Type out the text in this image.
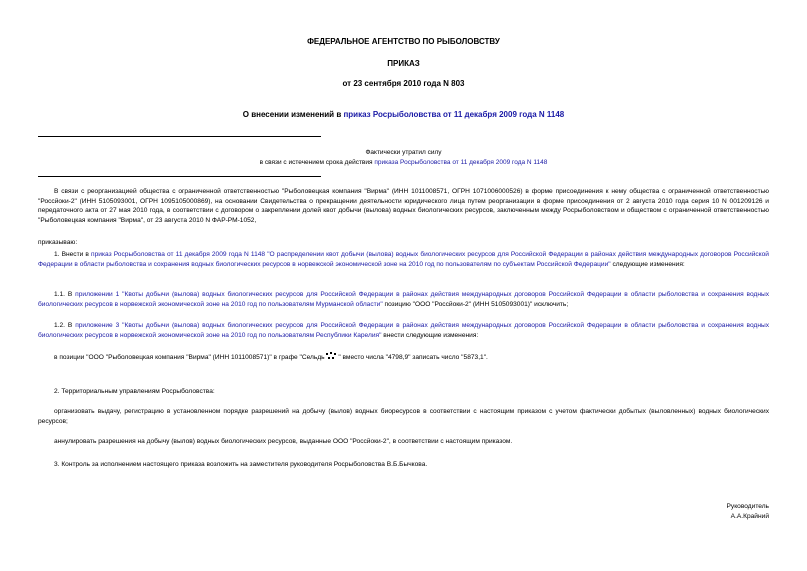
ФЕДЕРАЛЬНОЕ АГЕНТСТВО ПО РЫБОЛОВСТВУ
ПРИКАЗ
от 23 сентября 2010 года N 803
О внесении изменений в приказ Росрыболовства от 11 декабря 2009 года N 1148
Фактически утратил силу
в связи с истечением срока действия приказа Росрыболовства от 11 декабря 2009 года N 1148
В связи с реорганизацией общества с ограниченной ответственностью "Рыболовецкая компания "Вирма" (ИНН 1011008571, ОГРН 1071006000526) в форме присоединения к нему общества с ограниченной ответственностью "Россйоки-2" (ИНН 5105093001, ОГРН 1095105000869), на основании Свидетельства о прекращении деятельности юридического лица путем реорганизации в форме присоединения от 2 августа 2010 года серия 10 N 001209126 и передаточного акта от 27 мая 2010 года, в соответствии с договором о закреплении долей квот добычи (вылова) водных биологических ресурсов, заключенным между Росрыболовством и обществом с ограниченной ответственностью "Рыболовецкая компания "Вирма", от 23 августа 2010 N ФАР-РМ-1052,
приказываю:
1. Внести в приказ Росрыболовства от 11 декабря 2009 года N 1148 "О распределении квот добычи (вылова) водных биологических ресурсов для Российской Федерации в районах действия международных договоров Российской Федерации в области рыболовства и сохранения водных биологических ресурсов в норвежской экономической зоне на 2010 год по пользователям по субъектам Российской Федерации" следующие изменения:
1.1. В приложении 1 "Квоты добычи (вылова) водных биологических ресурсов для Российской Федерации в районах действия международных договоров Российской Федерации в области рыболовства и сохранения водных биологических ресурсов в норвежской экономической зоне на 2010 год по пользователям Мурманской области" позицию "ООО "Россйоки-2" (ИНН 5105093001)" исключить;
1.2. В приложение 3 "Квоты добычи (вылова) водных биологических ресурсов для Российской Федерации в районах действия международных договоров Российской Федерации в области рыболовства и сохранения водных биологических ресурсов в норвежской экономической зоне на 2010 год по пользователям Республики Карелия" внести следующие изменения:
в позиции "ООО "Рыболовецкая компания "Вирма" (ИНН 1011008571)" в графе "Сельдь " вместо числа "4798,9" записать число "5873,1".
2. Территориальным управлениям Росрыболовства:
организовать выдачу, регистрацию в установленном порядке разрешений на добычу (вылов) водных биоресурсов в соответствии с настоящим приказом с учетом фактически добытых (выловленных) водных биологических ресурсов;
аннулировать разрешения на добычу (вылов) водных биологических ресурсов, выданные ООО "Россйоки-2", в соответствии с настоящим приказом.
3. Контроль за исполнением настоящего приказа возложить на заместителя руководителя Росрыболовства В.Б.Бычкова.
Руководитель
А.А.Крайний
